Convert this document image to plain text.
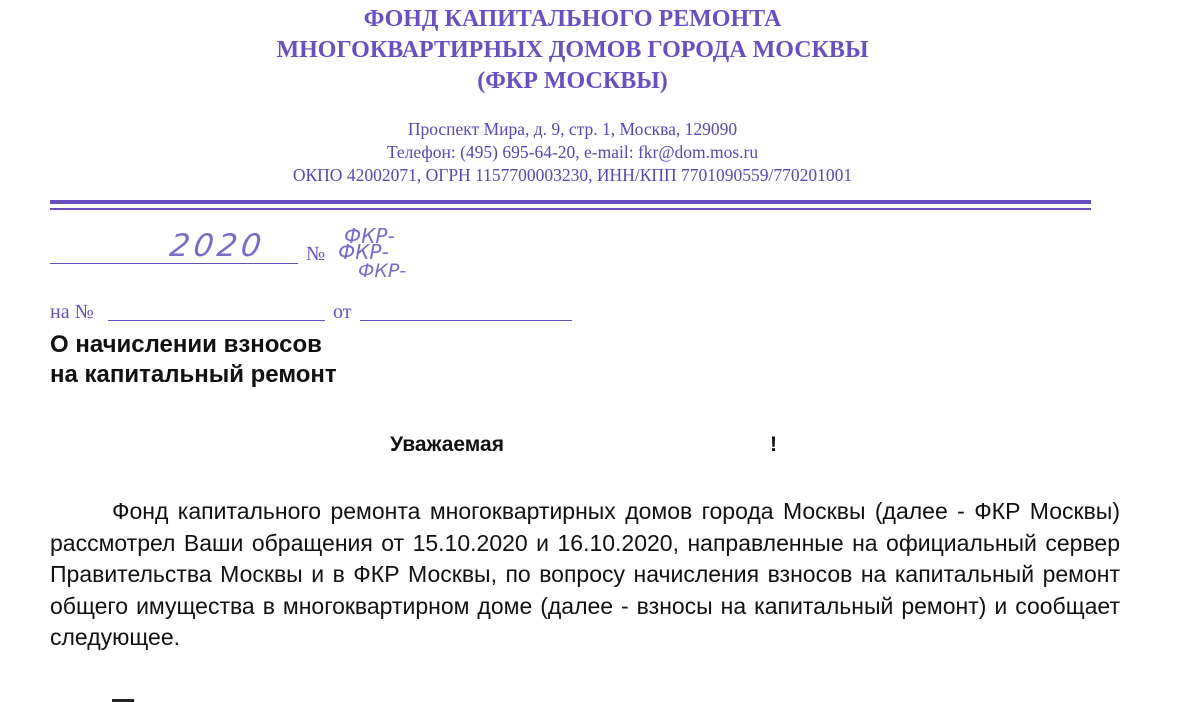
ФОНД КАПИТАЛЬНОГО РЕМОНТА
МНОГОКВАРТИРНЫХ ДОМОВ ГОРОДА МОСКВЫ
(ФКР МОСКВЫ)
Проспект Мира, д. 9, стр. 1, Москва, 129090
Телефон: (495) 695-64-20, e-mail: fkr@dom.mos.ru
ОКПО 42002071, ОГРН 1157700003230, ИНН/КПП 7701090559/770201001
2020 №
ФКР-
ФКР-
ФКР-
на №	от
О начислении взносов
на капитальный ремонт
Уважаемая	!
Фонд капитального ремонта многоквартирных домов города Москвы (далее - ФКР Москвы) рассмотрел Ваши обращения от 15.10.2020 и 16.10.2020, направленные на официальный сервер Правительства Москвы и в ФКР Москвы, по вопросу начисления взносов на капитальный ремонт общего имущества в многоквартирном доме (далее - взносы на капитальный ремонт) и сообщает следующее.
